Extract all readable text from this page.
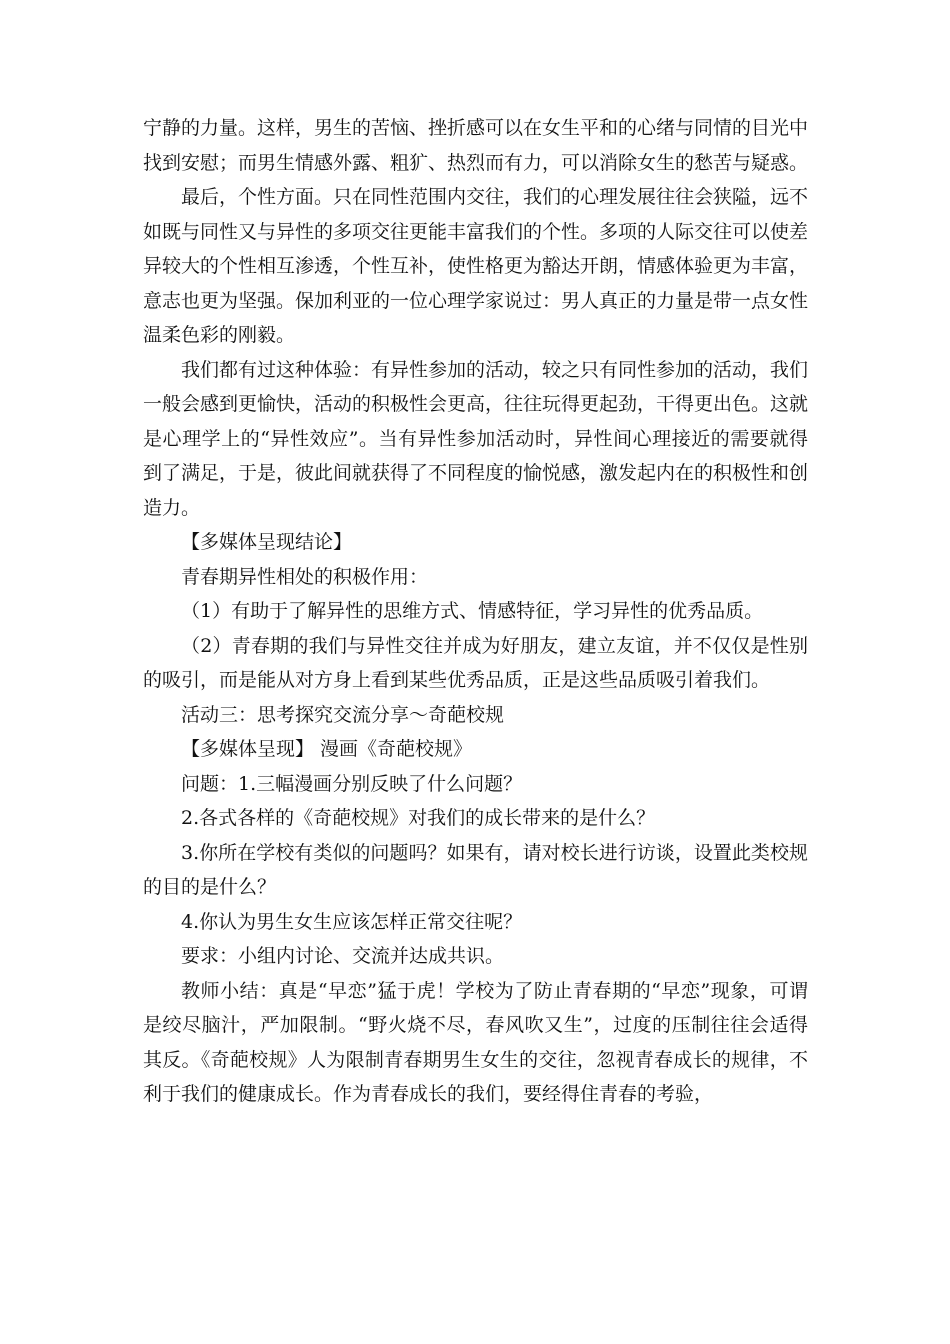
宁静的力量。这样，男生的苦恼、挫折感可以在女生平和的心绪与同情的目光中找到安慰；而男生情感外露、粗犷、热烈而有力，可以消除女生的愁苦与疑惑。

最后，个性方面。只在同性范围内交往，我们的心理发展往往会狭隘，远不如既与同性又与异性的多项交往更能丰富我们的个性。多项的人际交往可以使差异较大的个性相互渗透，个性互补，使性格更为豁达开朗，情感体验更为丰富，意志也更为坚强。保加利亚的一位心理学家说过：男人真正的力量是带一点女性温柔色彩的刚毅。

我们都有过这种体验：有异性参加的活动，较之只有同性参加的活动，我们一般会感到更愉快，活动的积极性会更高，往往玩得更起劲，干得更出色。这就是心理学上的“异性效应”。当有异性参加活动时，异性间心理接近的需要就得到了满足，于是，彼此间就获得了不同程度的愉悦感，激发起内在的积极性和创造力。

【多媒体呈现结论】

青春期异性相处的积极作用：

（1）有助于了解异性的思维方式、情感特征，学习异性的优秀品质。

（2）青春期的我们与异性交往并成为好朋友，建立友谊，并不仅仅是性别的吸引，而是能从对方身上看到某些优秀品质，正是这些品质吸引着我们。

活动三：思考探究交流分享～奇葩校规

【多媒体呈现】 漫画《奇葩校规》

问题：1.三幅漫画分别反映了什么问题？

2.各式各样的《奇葩校规》对我们的成长带来的是什么？

3.你所在学校有类似的问题吗？如果有，请对校长进行访谈，设置此类校规的目的是什么？

4.你认为男生女生应该怎样正常交往呢？

要求：小组内讨论、交流并达成共识。

教师小结：真是“早恋”猛于虎！学校为了防止青春期的“早恋”现象，可谓是绞尽脑汁，严加限制。“野火烧不尽，春风吹又生”，过度的压制往往会适得其反。《奇葩校规》人为限制青春期男生女生的交往，忽视青春成长的规律，不利于我们的健康成长。作为青春成长的我们，要经得住青春的考验，
